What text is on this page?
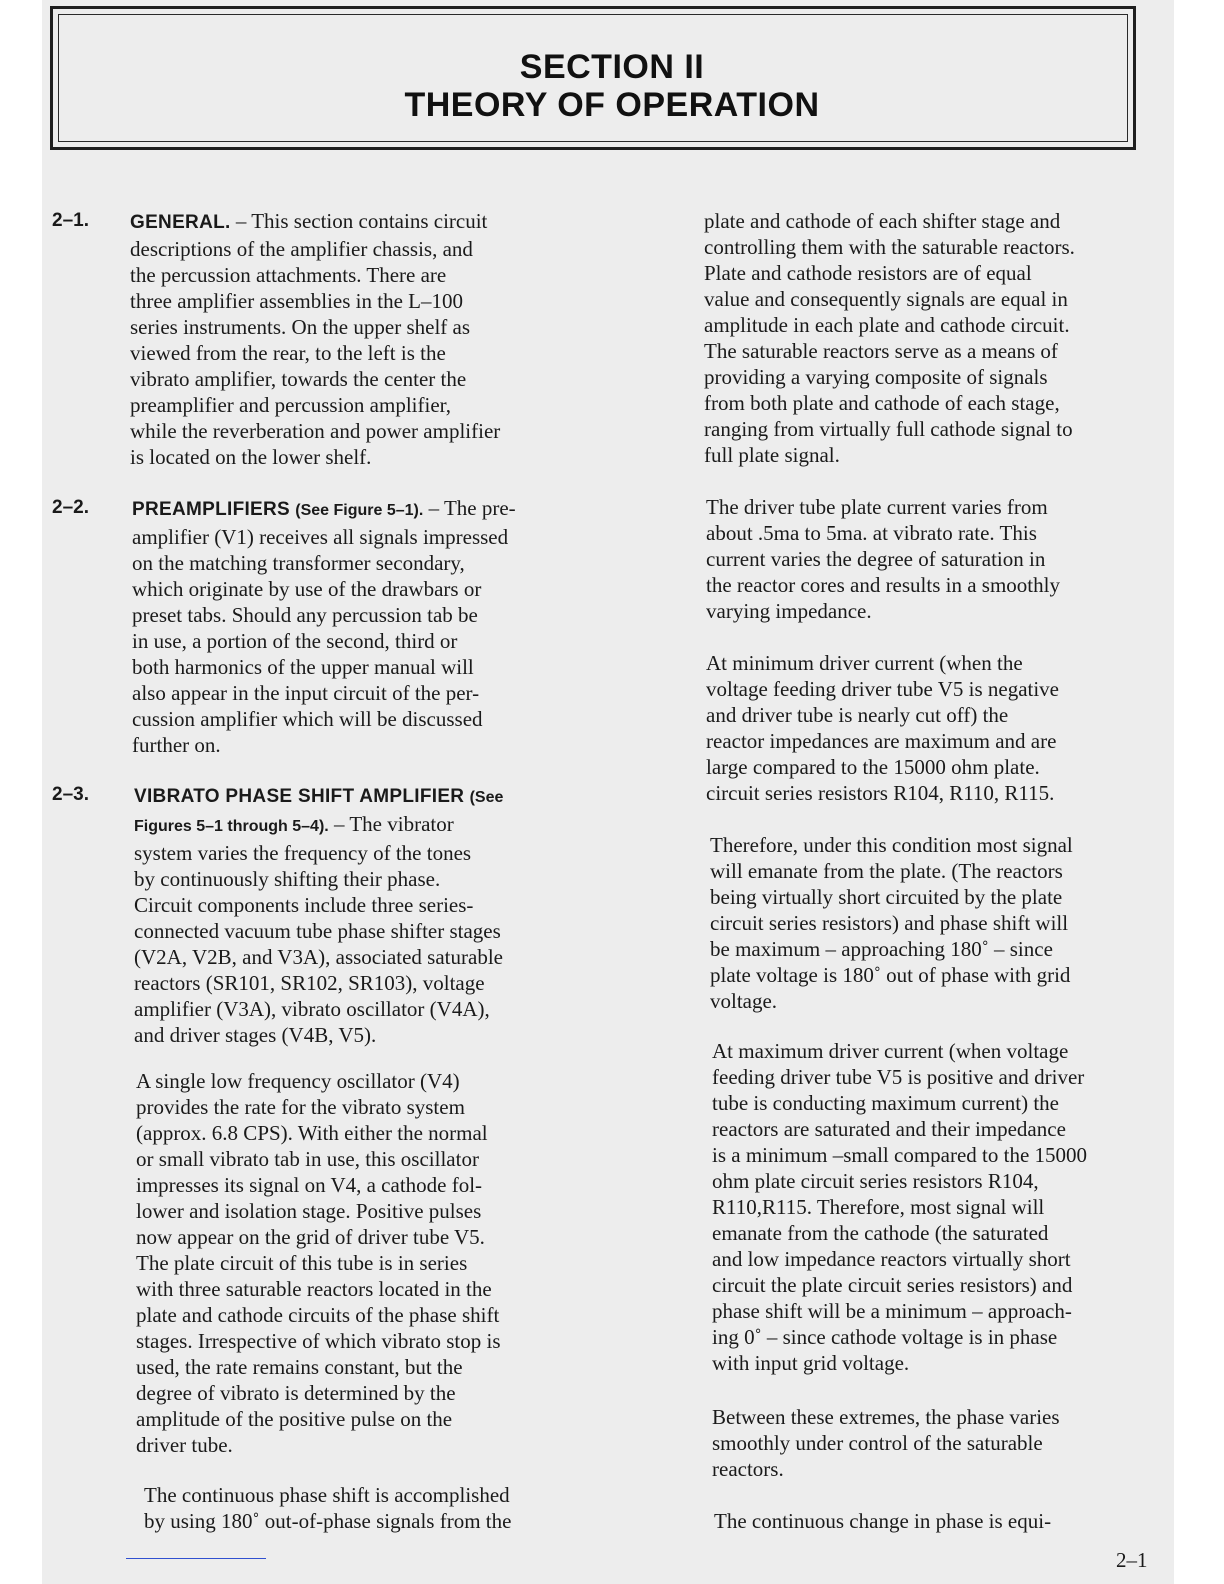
SECTION II
THEORY OF OPERATION
2–1. GENERAL. – This section contains circuit
descriptions of the amplifier chassis, and
the percussion attachments. There are
three amplifier assemblies in the L–100
series instruments. On the upper shelf as
viewed from the rear, to the left is the
vibrato amplifier, towards the center the
preamplifier and percussion amplifier,
while the reverberation and power amplifier
is located on the lower shelf.
2–2. PREAMPLIFIERS (See Figure 5–1). – The pre-
amplifier (V1) receives all signals impressed
on the matching transformer secondary,
which originate by use of the drawbars or
preset tabs. Should any percussion tab be
in use, a portion of the second, third or
both harmonics of the upper manual will
also appear in the input circuit of the per-
cussion amplifier which will be discussed
further on.
2–3. VIBRATO PHASE SHIFT AMPLIFIER (See
Figures 5–1 through 5–4). – The vibrator
system varies the frequency of the tones
by continuously shifting their phase.
Circuit components include three series-
connected vacuum tube phase shifter stages
(V2A, V2B, and V3A), associated saturable
reactors (SR101, SR102, SR103), voltage
amplifier (V3A), vibrato oscillator (V4A),
and driver stages (V4B, V5).
A single low frequency oscillator (V4)
provides the rate for the vibrato system
(approx. 6.8 CPS). With either the normal
or small vibrato tab in use, this oscillator
impresses its signal on V4, a cathode fol-
lower and isolation stage. Positive pulses
now appear on the grid of driver tube V5.
The plate circuit of this tube is in series
with three saturable reactors located in the
plate and cathode circuits of the phase shift
stages. Irrespective of which vibrato stop is
used, the rate remains constant, but the
degree of vibrato is determined by the
amplitude of the positive pulse on the
driver tube.
The continuous phase shift is accomplished
by using 180˚ out-of-phase signals from the
plate and cathode of each shifter stage and
controlling them with the saturable reactors.
Plate and cathode resistors are of equal
value and consequently signals are equal in
amplitude in each plate and cathode circuit.
The saturable reactors serve as a means of
providing a varying composite of signals
from both plate and cathode of each stage,
ranging from virtually full cathode signal to
full plate signal.
The driver tube plate current varies from
about .5ma to 5ma. at vibrato rate. This
current varies the degree of saturation in
the reactor cores and results in a smoothly
varying impedance.
At minimum driver current (when the
voltage feeding driver tube V5 is negative
and driver tube is nearly cut off) the
reactor impedances are maximum and are
large compared to the 15000 ohm plate.
circuit series resistors R104, R110, R115.
Therefore, under this condition most signal
will emanate from the plate. (The reactors
being virtually short circuited by the plate
circuit series resistors) and phase shift will
be maximum – approaching 180˚ – since
plate voltage is 180˚ out of phase with grid
voltage.
At maximum driver current (when voltage
feeding driver tube V5 is positive and driver
tube is conducting maximum current) the
reactors are saturated and their impedance
is a minimum –small compared to the 15000
ohm plate circuit series resistors R104,
R110,R115. Therefore, most signal will
emanate from the cathode (the saturated
and low impedance reactors virtually short
circuit the plate circuit series resistors) and
phase shift will be a minimum – approach-
ing 0˚ – since cathode voltage is in phase
with input grid voltage.
Between these extremes, the phase varies
smoothly under control of the saturable
reactors.
The continuous change in phase is equi-
2–1
